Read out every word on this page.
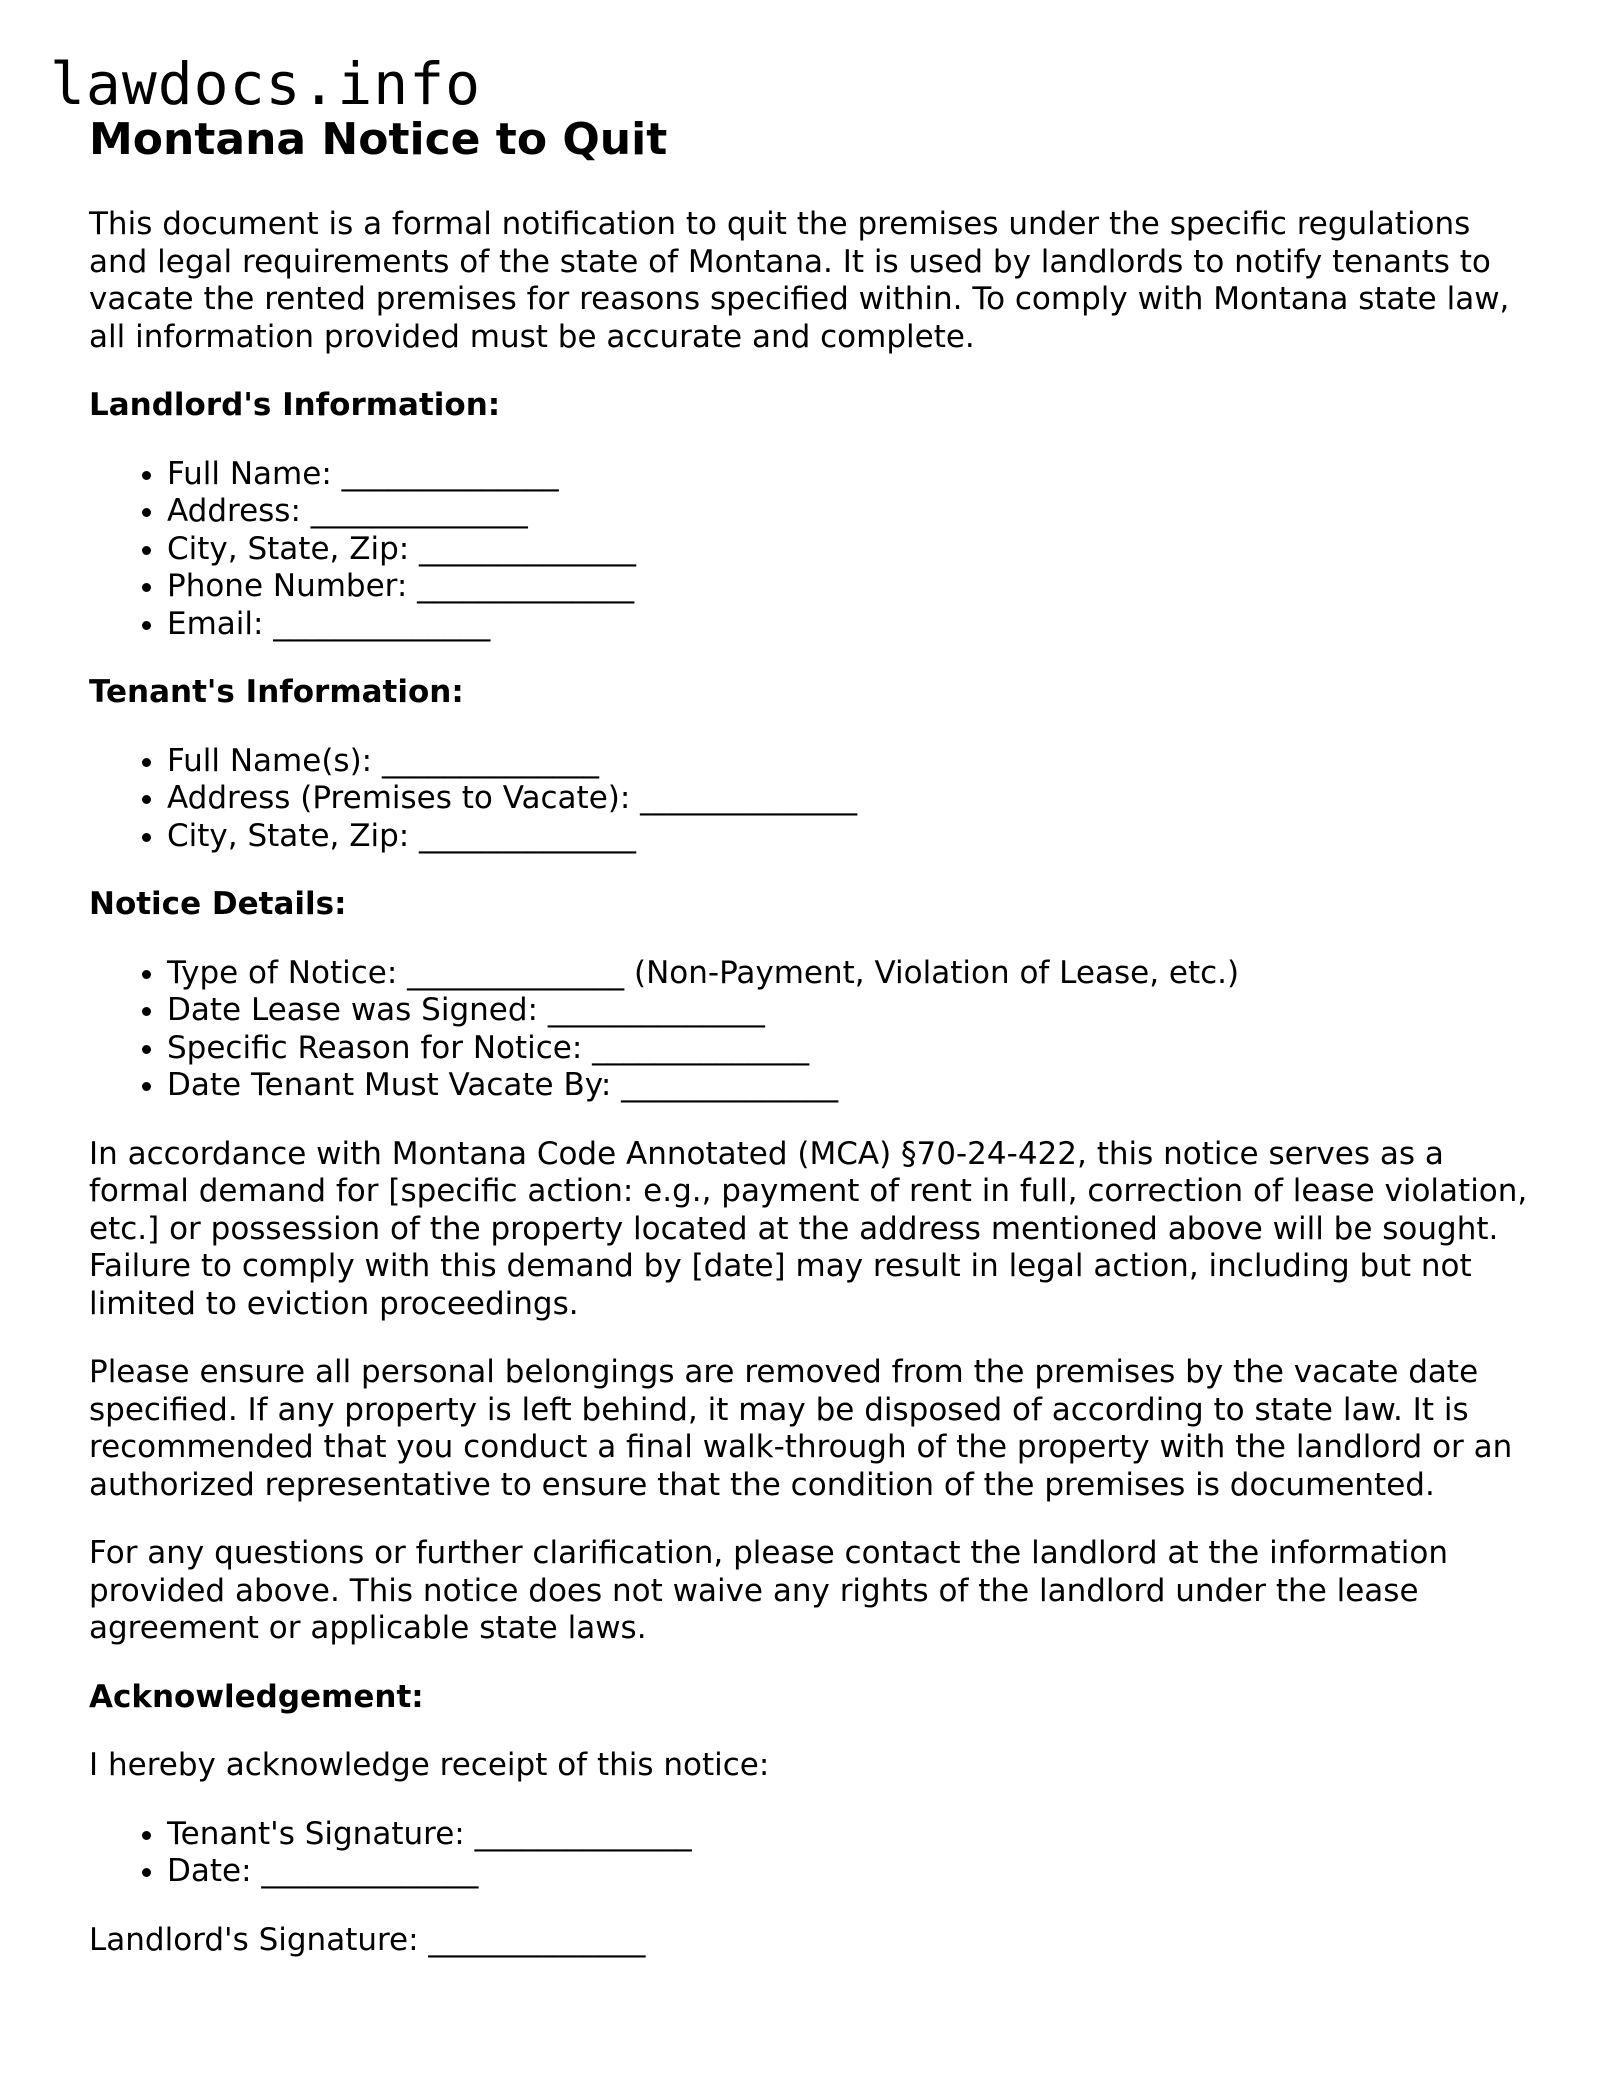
lawdocs.info
Montana Notice to Quit

This document is a formal notification to quit the premises under the specific regulations and legal requirements of the state of Montana. It is used by landlords to notify tenants to vacate the rented premises for reasons specified within. To comply with Montana state law, all information provided must be accurate and complete.

Landlord's Information:

• Full Name: ______________
• Address: ______________
• City, State, Zip: ______________
• Phone Number: ______________
• Email: ______________

Tenant's Information:

• Full Name(s): ______________
• Address (Premises to Vacate): ______________
• City, State, Zip: ______________

Notice Details:

• Type of Notice: ______________ (Non-Payment, Violation of Lease, etc.)
• Date Lease was Signed: ______________
• Specific Reason for Notice: ______________
• Date Tenant Must Vacate By: ______________

In accordance with Montana Code Annotated (MCA) §70-24-422, this notice serves as a formal demand for [specific action: e.g., payment of rent in full, correction of lease violation, etc.] or possession of the property located at the address mentioned above will be sought. Failure to comply with this demand by [date] may result in legal action, including but not limited to eviction proceedings.

Please ensure all personal belongings are removed from the premises by the vacate date specified. If any property is left behind, it may be disposed of according to state law. It is recommended that you conduct a final walk-through of the property with the landlord or an authorized representative to ensure that the condition of the premises is documented.

For any questions or further clarification, please contact the landlord at the information provided above. This notice does not waive any rights of the landlord under the lease agreement or applicable state laws.

Acknowledgement:

I hereby acknowledge receipt of this notice:

• Tenant's Signature: ______________
• Date: ______________

Landlord's Signature: ______________
